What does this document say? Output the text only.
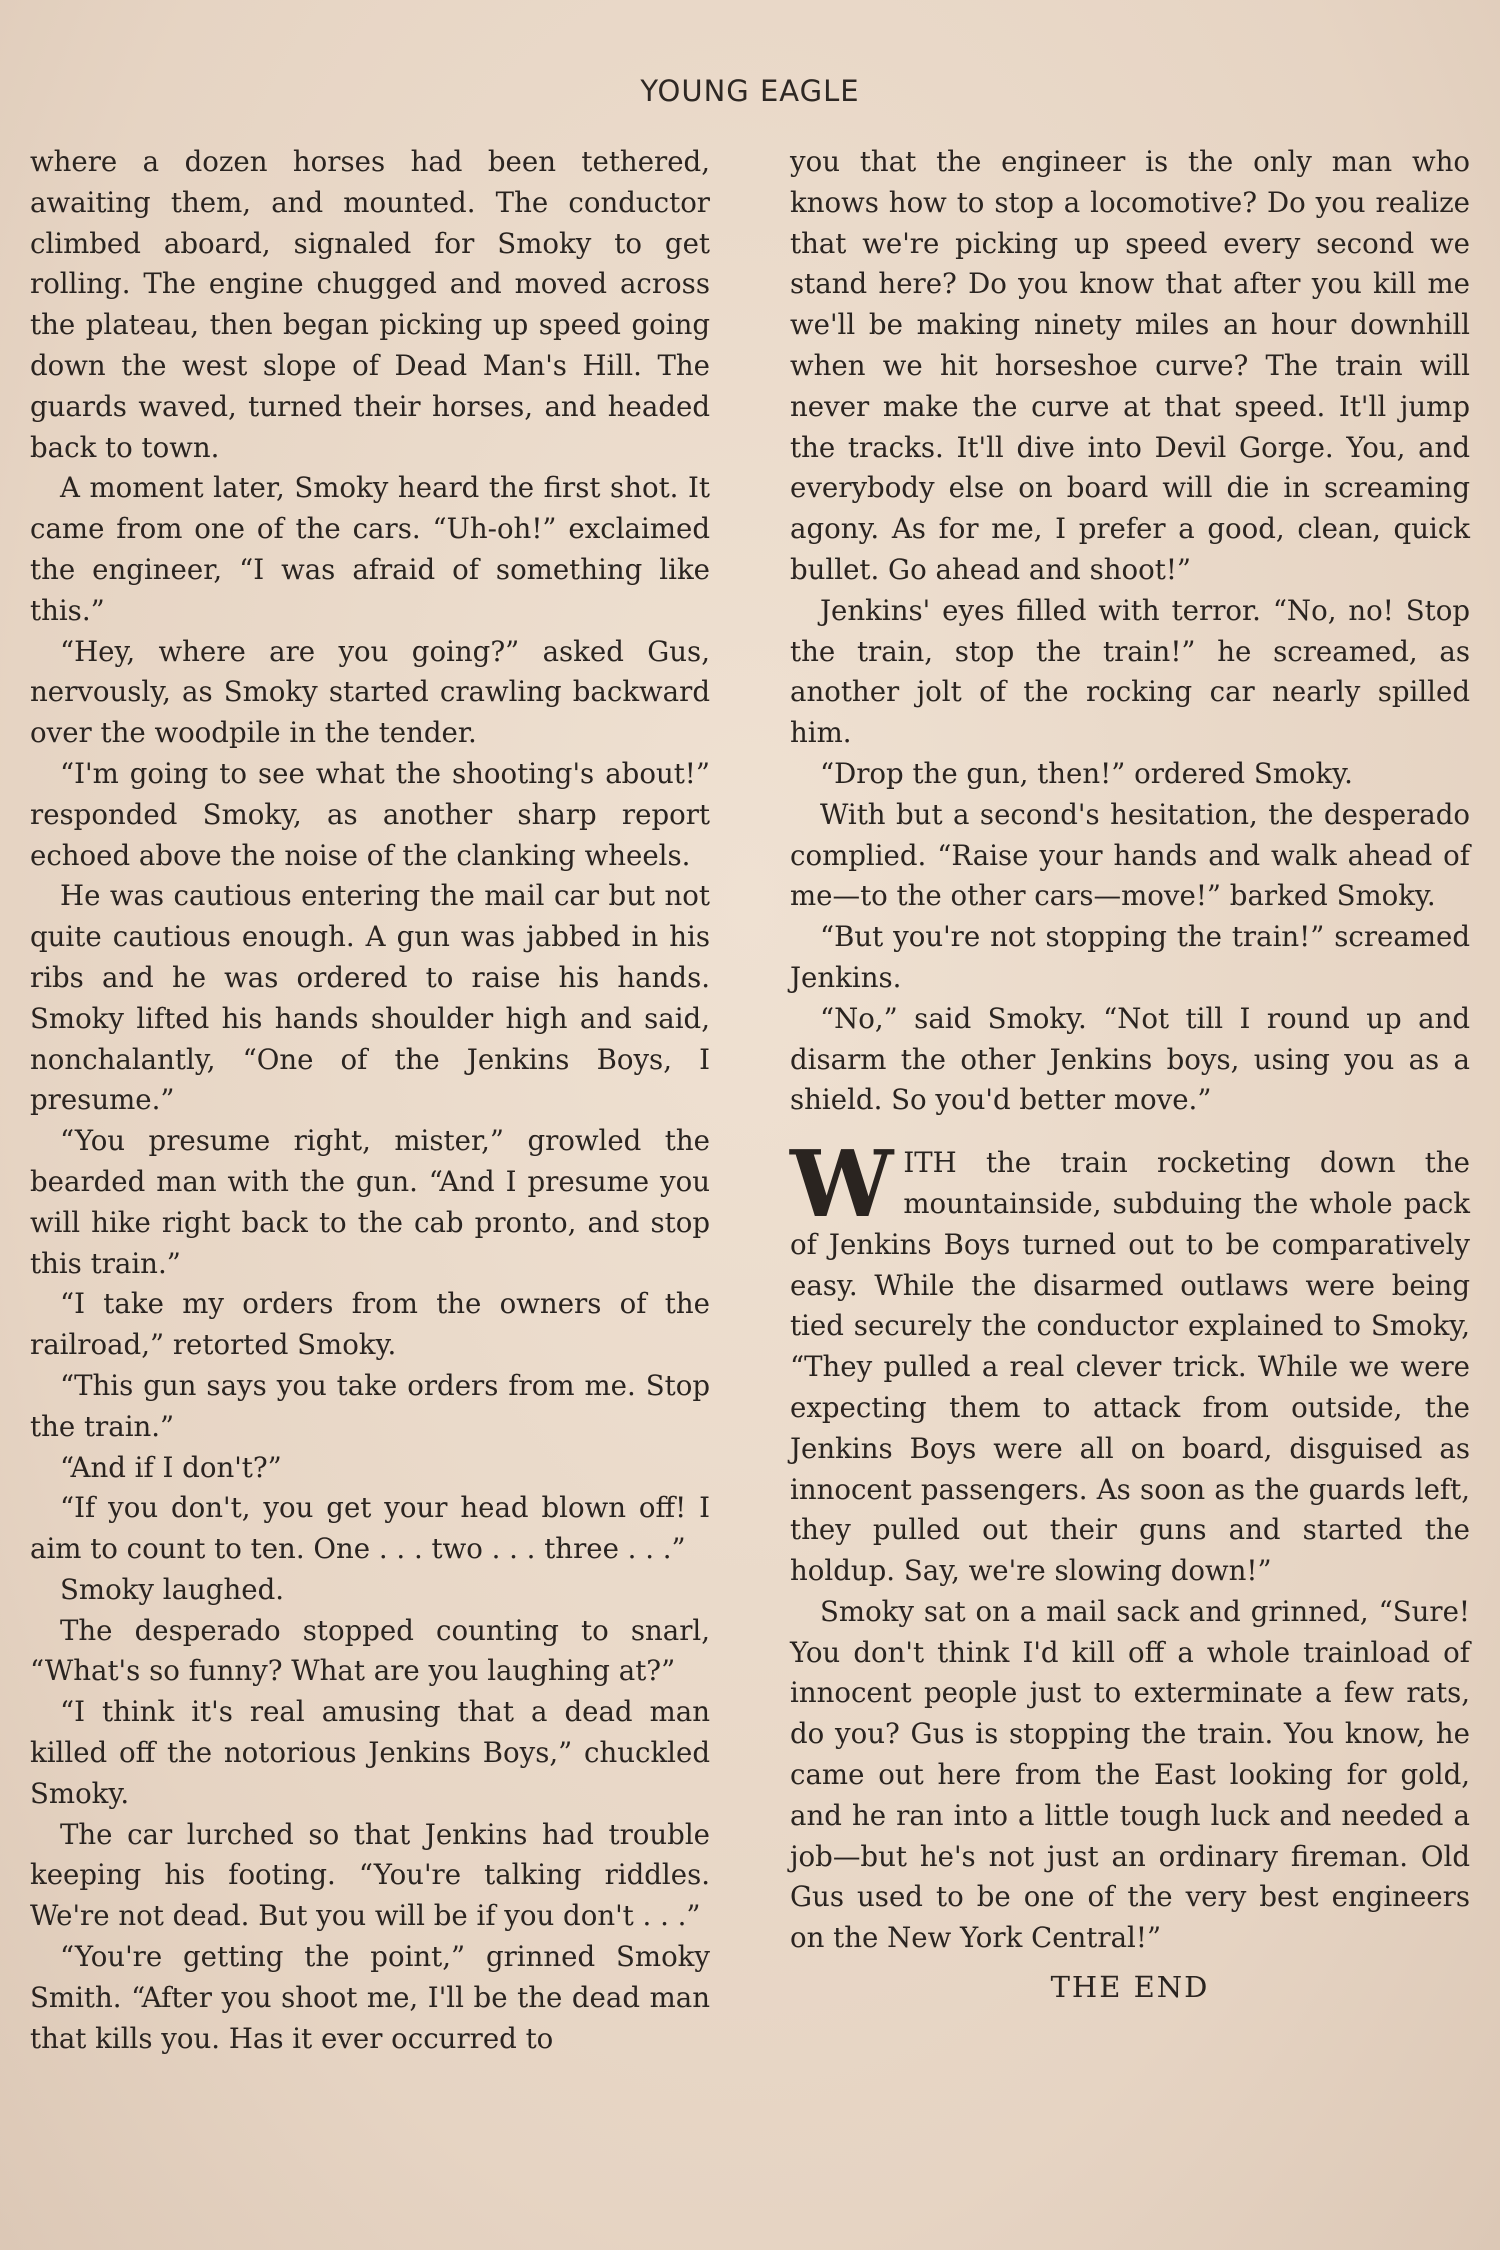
YOUNG EAGLE

where a dozen horses had been tethered, awaiting them, and mounted. The conductor climbed aboard, signaled for Smoky to get rolling. The engine chugged and moved across the plateau, then began picking up speed going down the west slope of Dead Man's Hill. The guards waved, turned their horses, and headed back to town.

A moment later, Smoky heard the first shot. It came from one of the cars. “Uh-oh!” exclaimed the engineer, “I was afraid of something like this.”

“Hey, where are you going?” asked Gus, nervously, as Smoky started crawling backward over the woodpile in the tender.

“I'm going to see what the shooting's about!” responded Smoky, as another sharp report echoed above the noise of the clanking wheels.

He was cautious entering the mail car but not quite cautious enough. A gun was jabbed in his ribs and he was ordered to raise his hands. Smoky lifted his hands shoulder high and said, nonchalantly, “One of the Jenkins Boys, I presume.”

“You presume right, mister,” growled the bearded man with the gun. “And I presume you will hike right back to the cab pronto, and stop this train.”

“I take my orders from the owners of the railroad,” retorted Smoky.

“This gun says you take orders from me. Stop the train.”

“And if I don't?”

“If you don't, you get your head blown off! I aim to count to ten. One . . . two . . . three . . .”

Smoky laughed.

The desperado stopped counting to snarl, “What's so funny? What are you laughing at?”

“I think it's real amusing that a dead man killed off the notorious Jenkins Boys,” chuckled Smoky.

The car lurched so that Jenkins had trouble keeping his footing. “You're talking riddles. We're not dead. But you will be if you don't . . .”

“You're getting the point,” grinned Smoky Smith. “After you shoot me, I'll be the dead man that kills you. Has it ever occurred to

you that the engineer is the only man who knows how to stop a locomotive? Do you realize that we're picking up speed every second we stand here? Do you know that after you kill me we'll be making ninety miles an hour downhill when we hit horseshoe curve? The train will never make the curve at that speed. It'll jump the tracks. It'll dive into Devil Gorge. You, and everybody else on board will die in screaming agony. As for me, I prefer a good, clean, quick bullet. Go ahead and shoot!”

Jenkins' eyes filled with terror. “No, no! Stop the train, stop the train!” he screamed, as another jolt of the rocking car nearly spilled him.

“Drop the gun, then!” ordered Smoky.

With but a second's hesitation, the desperado complied. “Raise your hands and walk ahead of me—to the other cars—move!” barked Smoky.

“But you're not stopping the train!” screamed Jenkins.

“No,” said Smoky. “Not till I round up and disarm the other Jenkins boys, using you as a shield. So you'd better move.”

WITH the train rocketing down the mountainside, subduing the whole pack of Jenkins Boys turned out to be comparatively easy. While the disarmed outlaws were being tied securely the conductor explained to Smoky, “They pulled a real clever trick. While we were expecting them to attack from outside, the Jenkins Boys were all on board, disguised as innocent passengers. As soon as the guards left, they pulled out their guns and started the holdup. Say, we're slowing down!”

Smoky sat on a mail sack and grinned, “Sure! You don't think I'd kill off a whole trainload of innocent people just to exterminate a few rats, do you? Gus is stopping the train. You know, he came out here from the East looking for gold, and he ran into a little tough luck and needed a job—but he's not just an ordinary fireman. Old Gus used to be one of the very best engineers on the New York Central!”

THE END
